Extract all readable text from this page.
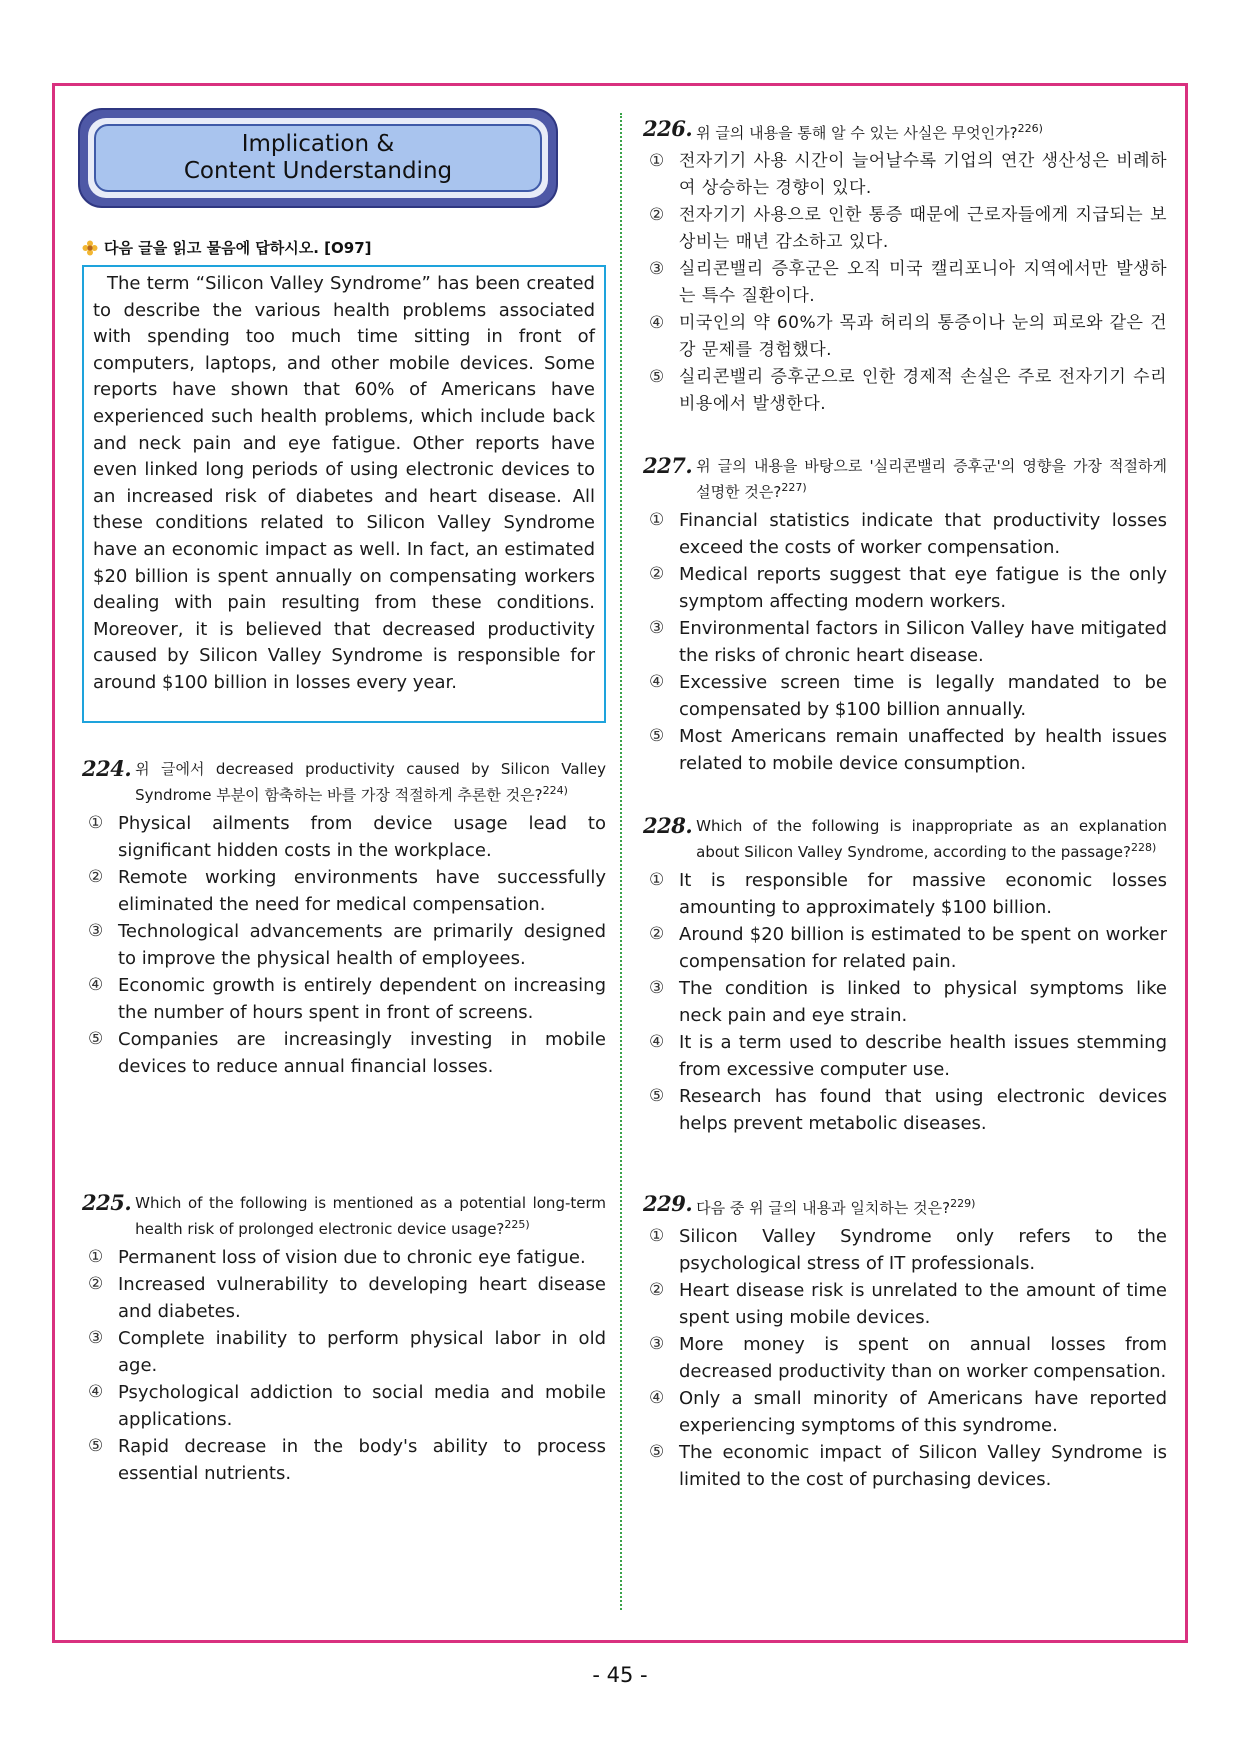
Implication &
Content Understanding
다음 글을 읽고 물음에 답하시오. [O97]
The term “Silicon Valley Syndrome” has been created to describe the various health problems associated with spending too much time sitting in front of computers, laptops, and other mobile devices. Some reports have shown that 60% of Americans have experienced such health problems, which include back and neck pain and eye fatigue. Other reports have even linked long periods of using electronic devices to an increased risk of diabetes and heart disease. All these conditions related to Silicon Valley Syndrome have an economic impact as well. In fact, an estimated $20 billion is spent annually on compensating workers dealing with pain resulting from these conditions. Moreover, it is believed that decreased productivity caused by Silicon Valley Syndrome is responsible for around $100 billion in losses every year.
224. 위 글에서 decreased productivity caused by Silicon Valley Syndrome 부분이 함축하는 바를 가장 적절하게 추론한 것은?$^{224)}$
① Physical ailments from device usage lead to significant hidden costs in the workplace.
② Remote working environments have successfully eliminated the need for medical compensation.
③ Technological advancements are primarily designed to improve the physical health of employees.
④ Economic growth is entirely dependent on increasing the number of hours spent in front of screens.
⑤ Companies are increasingly investing in mobile devices to reduce annual financial losses.
225. Which of the following is mentioned as a potential long-term health risk of prolonged electronic device usage?$^{225)}$
① Permanent loss of vision due to chronic eye fatigue.
② Increased vulnerability to developing heart disease and diabetes.
③ Complete inability to perform physical labor in old age.
④ Psychological addiction to social media and mobile applications.
⑤ Rapid decrease in the body's ability to process essential nutrients.
226. 위 글의 내용을 통해 알 수 있는 사실은 무엇인가?$^{226)}$
① 전자기기 사용 시간이 늘어날수록 기업의 연간 생산성은 비례하여 상승하는 경향이 있다.
② 전자기기 사용으로 인한 통증 때문에 근로자들에게 지급되는 보상비는 매년 감소하고 있다.
③ 실리콘밸리 증후군은 오직 미국 캘리포니아 지역에서만 발생하는 특수 질환이다.
④ 미국인의 약 60%가 목과 허리의 통증이나 눈의 피로와 같은 건강 문제를 경험했다.
⑤ 실리콘밸리 증후군으로 인한 경제적 손실은 주로 전자기기 수리 비용에서 발생한다.
227. 위 글의 내용을 바탕으로 '실리콘밸리 증후군'의 영향을 가장 적절하게 설명한 것은?$^{227)}$
① Financial statistics indicate that productivity losses exceed the costs of worker compensation.
② Medical reports suggest that eye fatigue is the only symptom affecting modern workers.
③ Environmental factors in Silicon Valley have mitigated the risks of chronic heart disease.
④ Excessive screen time is legally mandated to be compensated by $100 billion annually.
⑤ Most Americans remain unaffected by health issues related to mobile device consumption.
228. Which of the following is inappropriate as an explanation about Silicon Valley Syndrome, according to the passage?$^{228)}$
① It is responsible for massive economic losses amounting to approximately $100 billion.
② Around $20 billion is estimated to be spent on worker compensation for related pain.
③ The condition is linked to physical symptoms like neck pain and eye strain.
④ It is a term used to describe health issues stemming from excessive computer use.
⑤ Research has found that using electronic devices helps prevent metabolic diseases.
229. 다음 중 위 글의 내용과 일치하는 것은?$^{229)}$
① Silicon Valley Syndrome only refers to the psychological stress of IT professionals.
② Heart disease risk is unrelated to the amount of time spent using mobile devices.
③ More money is spent on annual losses from decreased productivity than on worker compensation.
④ Only a small minority of Americans have reported experiencing symptoms of this syndrome.
⑤ The economic impact of Silicon Valley Syndrome is limited to the cost of purchasing devices.
- 45 -
